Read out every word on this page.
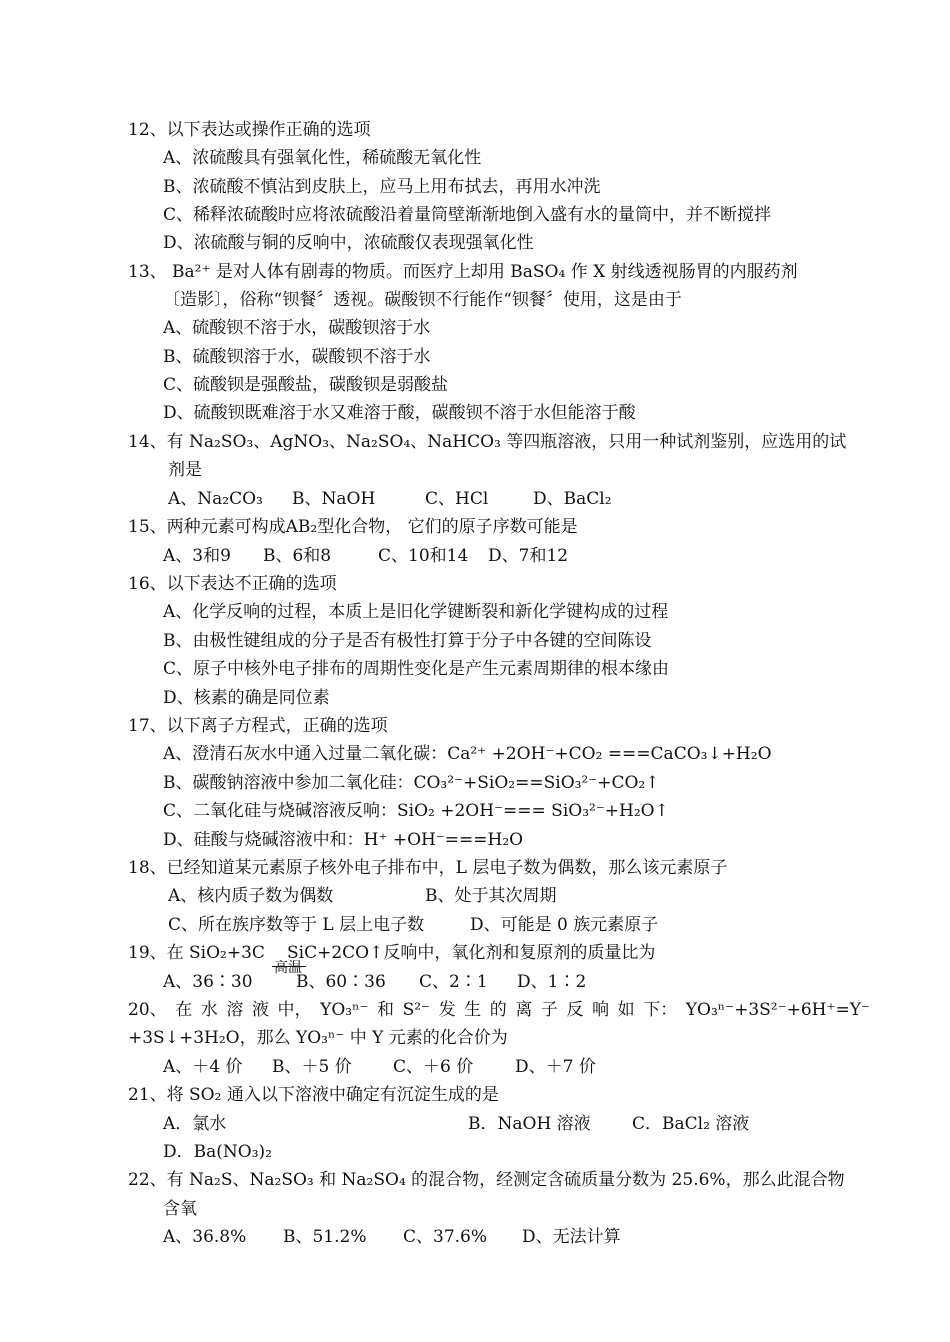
12、以下表达或操作正确的选项
A、浓硫酸具有强氧化性，稀硫酸无氧化性
B、浓硫酸不慎沾到皮肤上，应马上用布拭去，再用水冲洗
C、稀释浓硫酸时应将浓硫酸沿着量筒壁渐渐地倒入盛有水的量筒中，并不断搅拌
D、浓硫酸与铜的反响中，浓硫酸仅表现强氧化性
13、 Ba²⁺ 是对人体有剧毒的物质。而医疗上却用 BaSO₄ 作 X 射线透视肠胃的内服药剂
〔造影〕，俗称“钡餐〞透视。碳酸钡不行能作“钡餐〞使用，这是由于
A、硫酸钡不溶于水，碳酸钡溶于水
B、硫酸钡溶于水，碳酸钡不溶于水
C、硫酸钡是强酸盐，碳酸钡是弱酸盐
D、硫酸钡既难溶于水又难溶于酸，碳酸钡不溶于水但能溶于酸
14、有 Na₂SO₃、AgNO₃、Na₂SO₄、NaHCO₃ 等四瓶溶液，只用一种试剂鉴别，应选用的试
剂是
A、Na₂CO₃ B、NaOH	C、HCl	D、BaCl₂
15、两种元素可构成AB₂型化合物， 它们的原子序数可能是
A、3和9 B、6和8	C、10和14 D、7和12
16、以下表达不正确的选项
A、化学反响的过程，本质上是旧化学键断裂和新化学键构成的过程
B、由极性键组成的分子是否有极性打算于分子中各键的空间陈设
C、原子中核外电子排布的周期性变化是产生元素周期律的根本缘由
D、核素的确是同位素
17、以下离子方程式，正确的选项
A、澄清石灰水中通入过量二氧化碳：Ca²⁺ +2OH⁻+CO₂ ===CaCO₃↓+H₂O
B、碳酸钠溶液中参加二氧化硅：CO₃²⁻+SiO₂==SiO₃²⁻+CO₂↑
C、二氧化硅与烧碱溶液反响：SiO₂ +2OH⁻=== SiO₃²⁻+H₂O↑
D、硅酸与烧碱溶液中和：H⁺ +OH⁻===H₂O
18、已经知道某元素原子核外电子排布中，L 层电子数为偶数，那么该元素原子
A、核内质子数为偶数	B、处于其次周期
C、所在族序数等于 L 层上电子数	D、可能是 0 族元素原子
19、在 SiO₂+3C SiC+2CO↑反响中，氧化剂和复原剂的质量比为
高温
A、36∶30	B、60∶36 C、2∶1 D、1∶2
20、 在 水 溶 液 中， YO₃ⁿ⁻ 和 S²⁻ 发 生 的 离 子 反 响 如 下： YO₃ⁿ⁻+3S²⁻+6H⁺=Y⁻
+3S↓+3H₂O，那么 YO₃ⁿ⁻ 中 Y 元素的化合价为
A、＋4 价 B、＋5 价 C、＋6 价 D、＋7 价
21、将 SO₂ 通入以下溶液中确定有沉淀生成的是
A．氯水	B．NaOH 溶液 C．BaCl₂ 溶液
D．Ba(NO₃)₂
22、有 Na₂S、Na₂SO₃ 和 Na₂SO₄ 的混合物，经测定含硫质量分数为 25.6%，那么此混合物
含氧
A、36.8% B、51.2% C、37.6% D、无法计算
